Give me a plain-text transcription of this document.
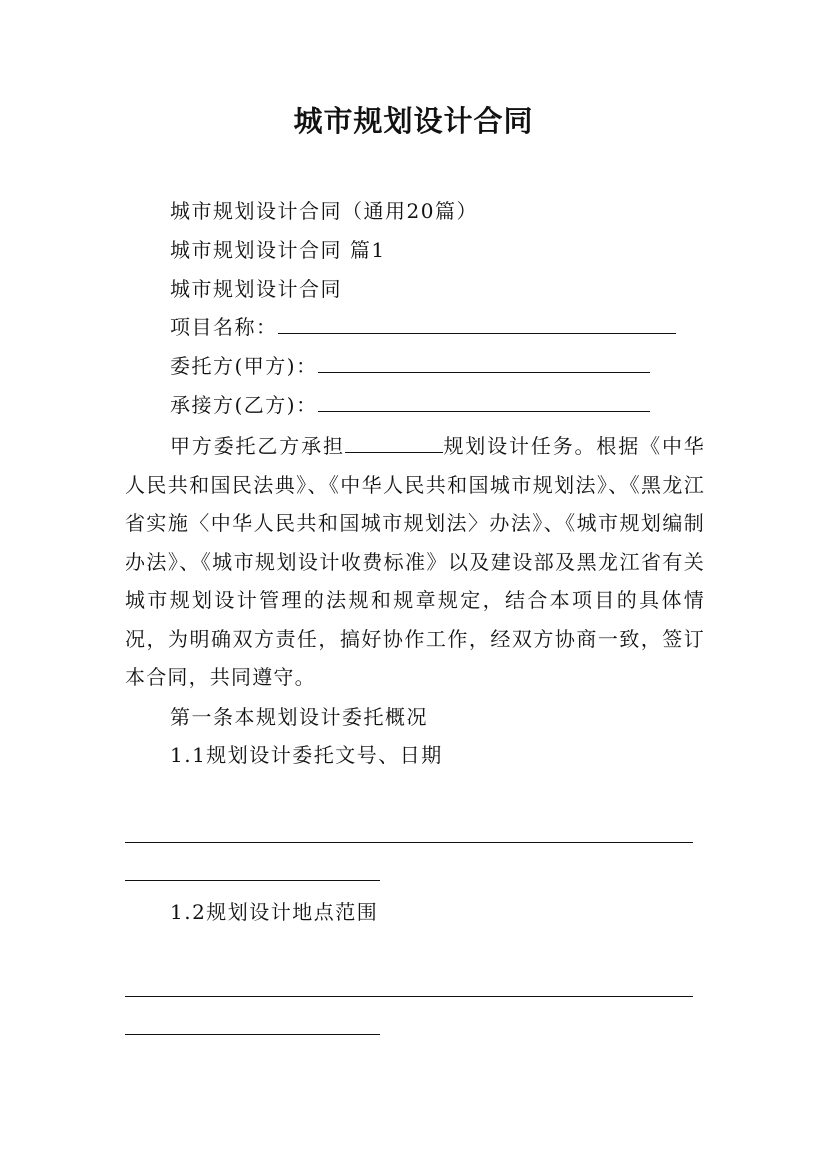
城市规划设计合同
城市规划设计合同（通用20篇）
城市规划设计合同 篇1
城市规划设计合同
项目名称：
委托方(甲方)：
承接方(乙方)：
甲方委托乙方承担	规划设计任务。根据《中华人民共和国民法典》、《中华人民共和国城市规划法》、《黑龙江省实施〈中华人民共和国城市规划法〉办法》、《城市规划编制办法》、《城市规划设计收费标准》以及建设部及黑龙江省有关城市规划设计管理的法规和规章规定，结合本项目的具体情况，为明确双方责任，搞好协作工作，经双方协商一致，签订本合同，共同遵守。
第一条本规划设计委托概况
1.1规划设计委托文号、日期
1.2规划设计地点范围
